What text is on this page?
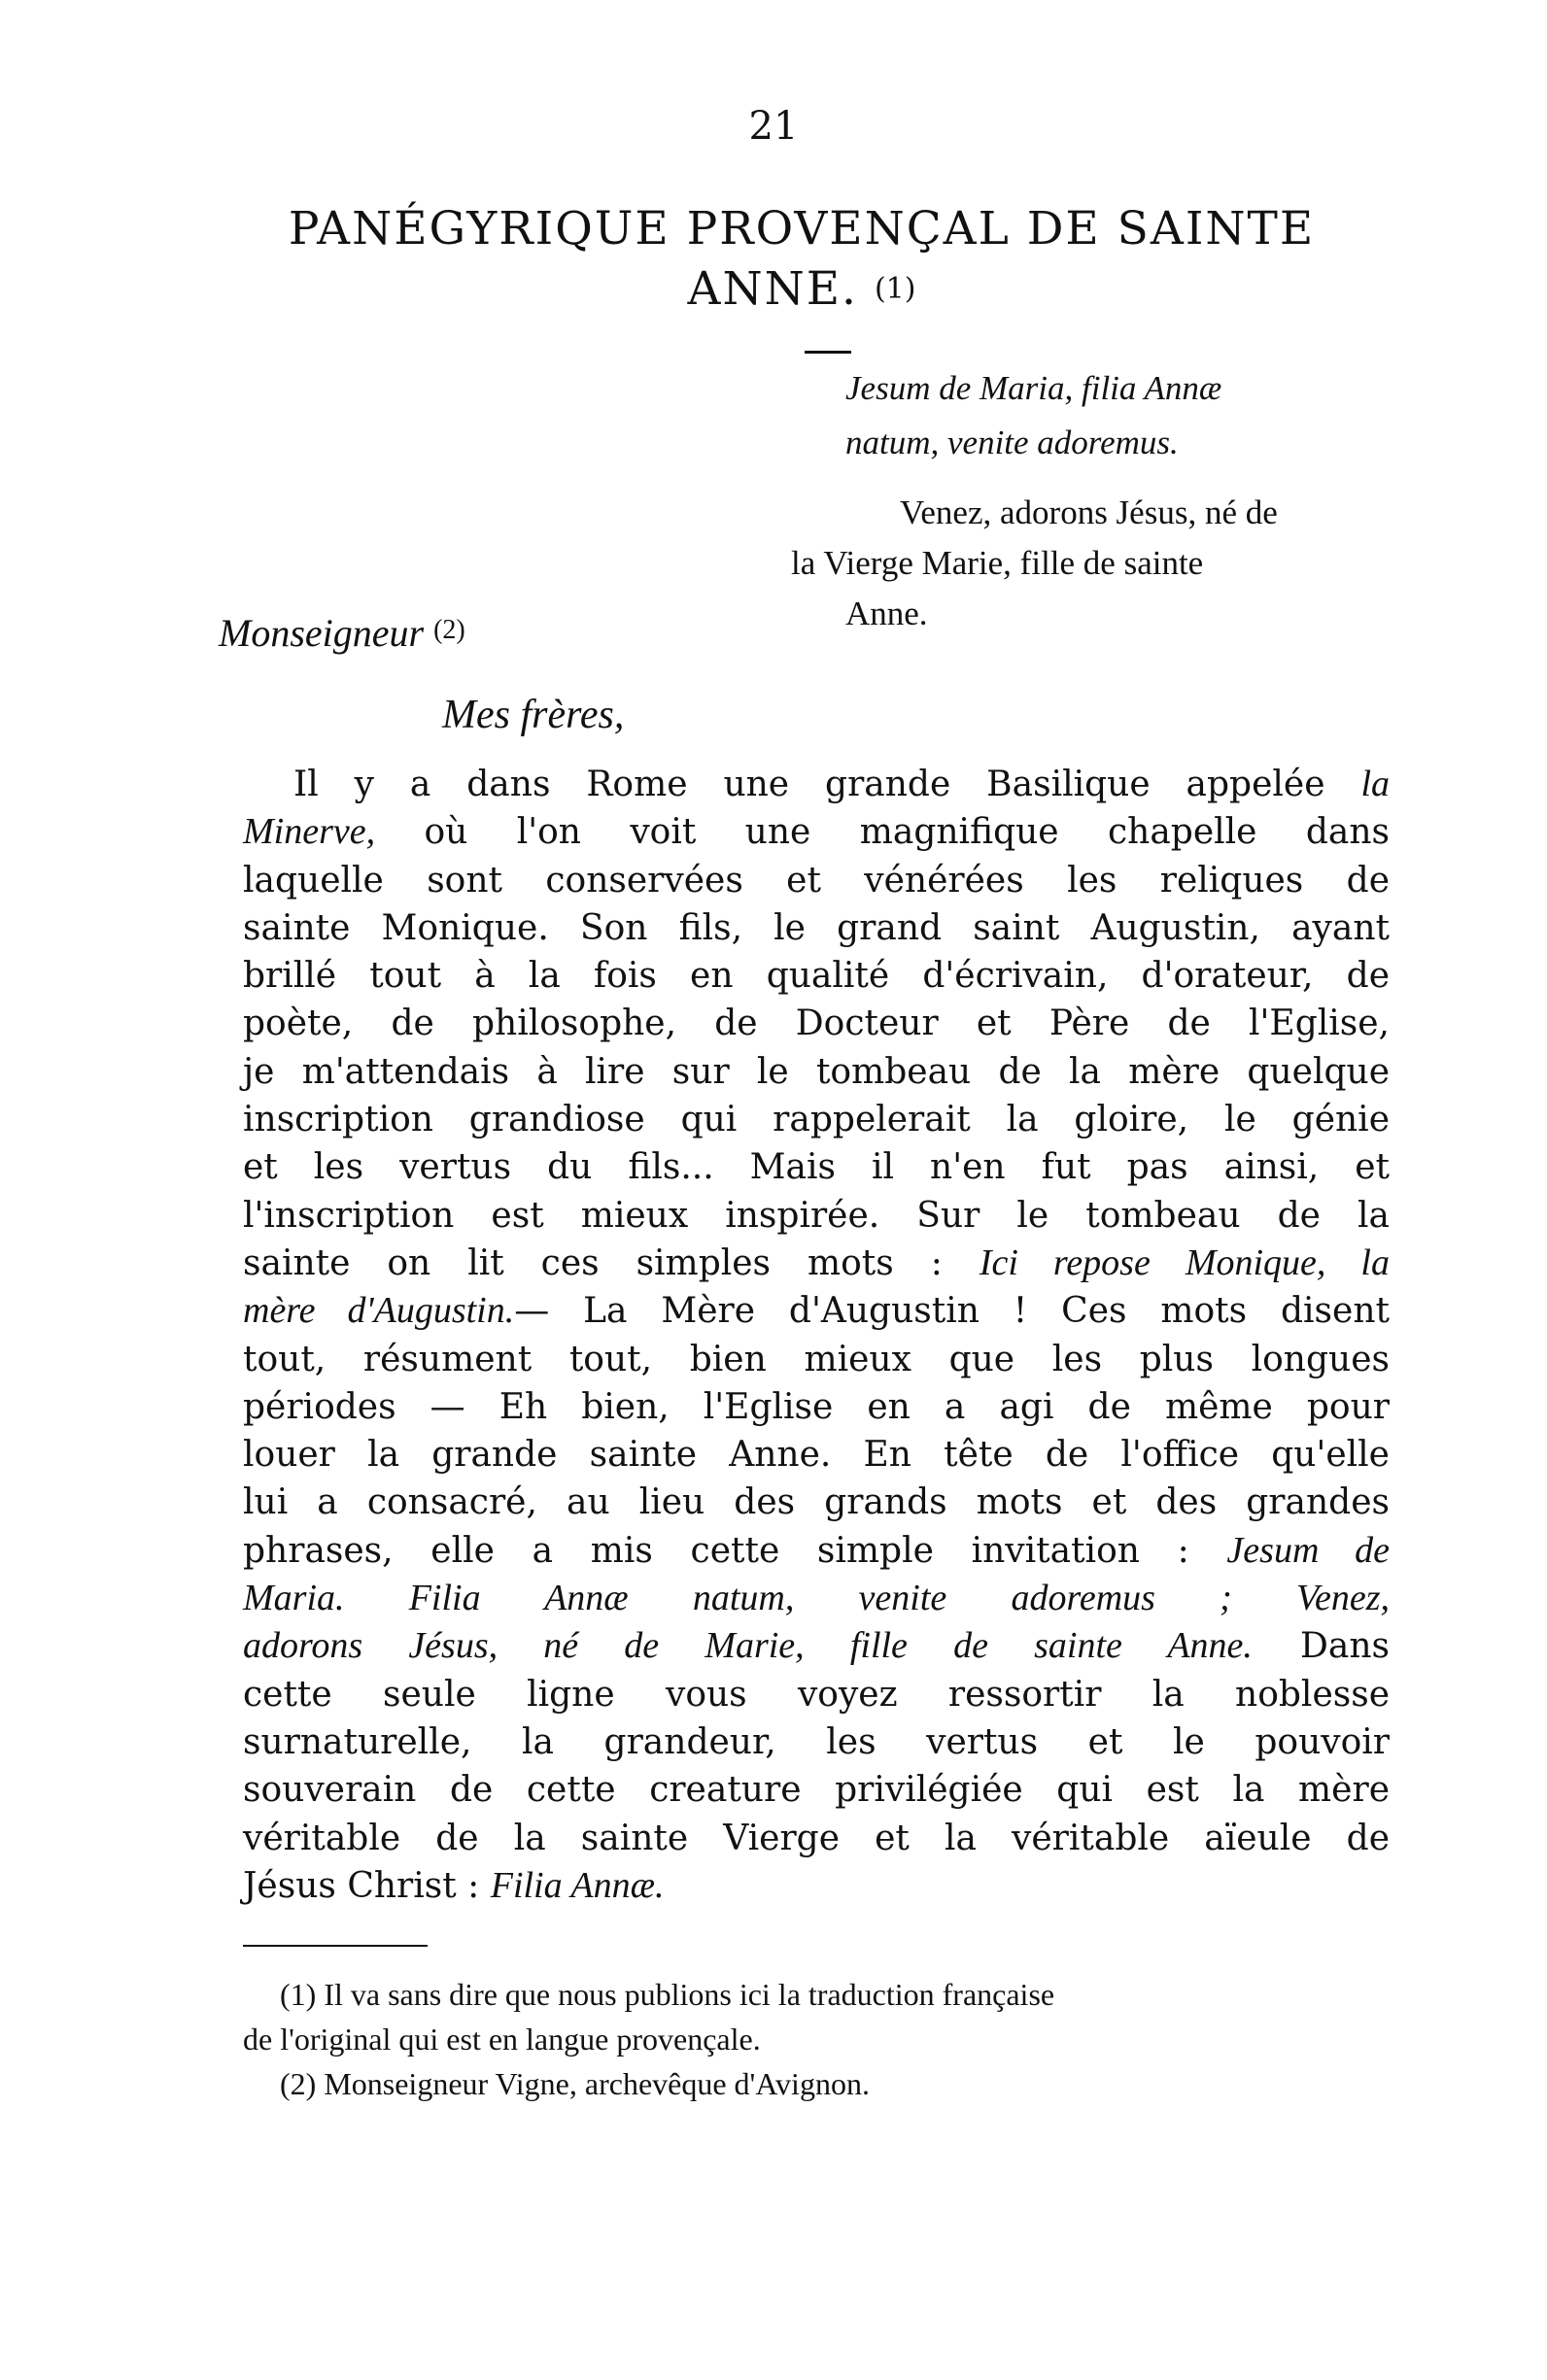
21
PANÉGYRIQUE PROVENÇAL DE SAINTE
ANNE. (1)

Jesum de Maria, filia Annæ
natum, venite adoremus.

Venez, adorons Jésus, né de
la Vierge Marie, fille de sainte
Anne.

Monseigneur $^{(2)}$
Mes frères,
Il y a dans Rome une grande Basilique appelée la
Minerve, où l'on voit une magnifique chapelle dans
laquelle sont conservées et vénérées les reliques de
sainte Monique. Son fils, le grand saint Augustin, ayant
brillé tout à la fois en qualité d'écrivain, d'orateur, de
poète, de philosophe, de Docteur et Père de l'Eglise,
je m'attendais à lire sur le tombeau de la mère quelque
inscription grandiose qui rappelerait la gloire, le génie
et les vertus du fils... Mais il n'en fut pas ainsi, et
l'inscription est mieux inspirée. Sur le tombeau de la
sainte on lit ces simples mots : Ici repose Monique, la
mère d'Augustin.— La Mère d'Augustin ! Ces mots disent
tout, résument tout, bien mieux que les plus longues
périodes — Eh bien, l'Eglise en a agi de même pour
louer la grande sainte Anne. En tête de l'office qu'elle
lui a consacré, au lieu des grands mots et des grandes
phrases, elle a mis cette simple invitation : Jesum de
Maria. Filia Annæ natum, venite adoremus ; Venez,
adorons Jésus, né de Marie, fille de sainte Anne. Dans
cette seule ligne vous voyez ressortir la noblesse
surnaturelle, la grandeur, les vertus et le pouvoir
souverain de cette creature privilégiée qui est la mère
véritable de la sainte Vierge et la véritable aïeule de
Jésus Christ : Filia Annæ.

(1) Il va sans dire que nous publions ici la traduction française
de l'original qui est en langue provençale.

(2) Monseigneur Vigne, archevêque d'Avignon.
